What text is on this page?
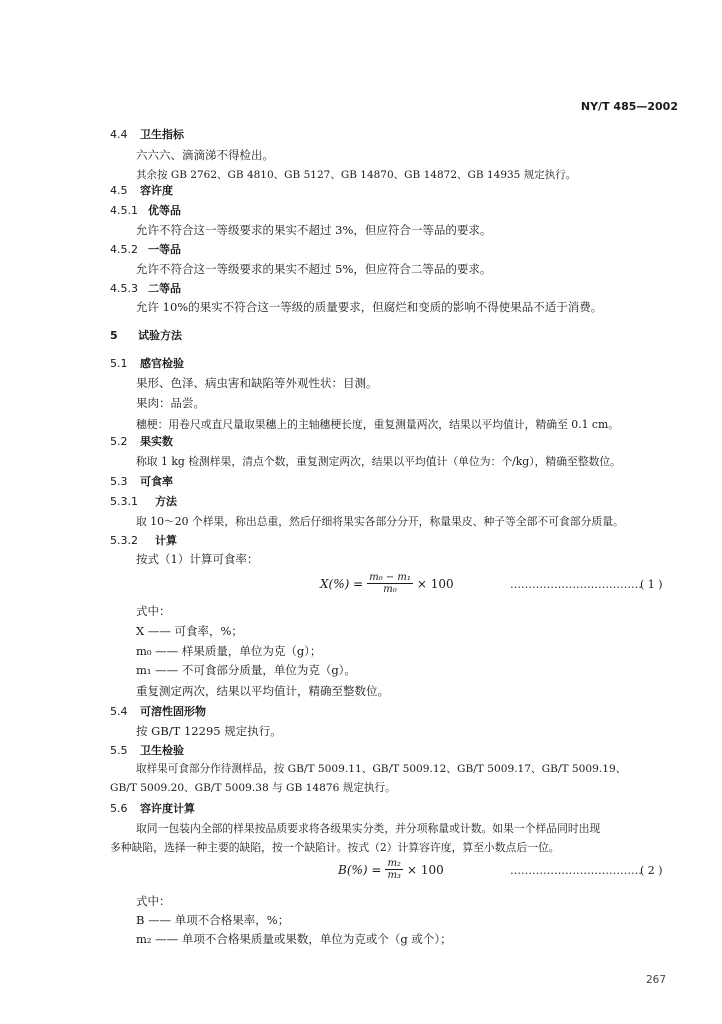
NY/T 485—2002
4.4 卫生指标
六六六、滴滴涕不得检出。
其余按 GB 2762、GB 4810、GB 5127、GB 14870、GB 14872、GB 14935 规定执行。
4.5 容许度
4.5.1 优等品
允许不符合这一等级要求的果实不超过 3%，但应符合一等品的要求。
4.5.2 一等品
允许不符合这一等级要求的果实不超过 5%，但应符合二等品的要求。
4.5.3 二等品
允许 10%的果实不符合这一等级的质量要求，但腐烂和变质的影响不得使果品不适于消费。
5 试验方法
5.1 感官检验
果形、色泽、病虫害和缺陷等外观性状：目测。
果肉：品尝。
穗梗：用卷尺或直尺量取果穗上的主轴穗梗长度，重复测量两次，结果以平均值计，精确至 0.1 cm。
5.2 果实数
称取 1 kg 检测样果，清点个数，重复测定两次，结果以平均值计（单位为：个/kg），精确至整数位。
5.3 可食率
5.3.1 方法
取 10～20 个样果，称出总重，然后仔细将果实各部分分开，称量果皮、种子等全部不可食部分质量。
5.3.2 计算
按式（1）计算可食率：
$X(\%) = \frac{\text{m₀ − m₁}}{\text{m₀}} \times 100$	………………………………
( 1 )
式中：
X —— 可食率，%；
m₀ —— 样果质量，单位为克（g）；
m₁ —— 不可食部分质量，单位为克（g）。
重复测定两次，结果以平均值计，精确至整数位。
5.4 可溶性固形物
按 GB/T 12295 规定执行。
5.5 卫生检验
取样果可食部分作待测样品，按 GB/T 5009.11、GB/T 5009.12、GB/T 5009.17、GB/T 5009.19、
GB/T 5009.20、GB/T 5009.38 与 GB 14876 规定执行。
5.6 容许度计算
取同一包装内全部的样果按品质要求将各级果实分类，并分项称量或计数。如果一个样品同时出现
多种缺陷，选择一种主要的缺陷，按一个缺陷计。按式（2）计算容许度，算至小数点后一位。
$B(\%) = \frac{\text{m₂}}{\text{m₃}} \times 100$	………………………………
( 2 )
式中：
B —— 单项不合格果率，%；
m₂ —— 单项不合格果质量或果数，单位为克或个（g 或个）；
267
